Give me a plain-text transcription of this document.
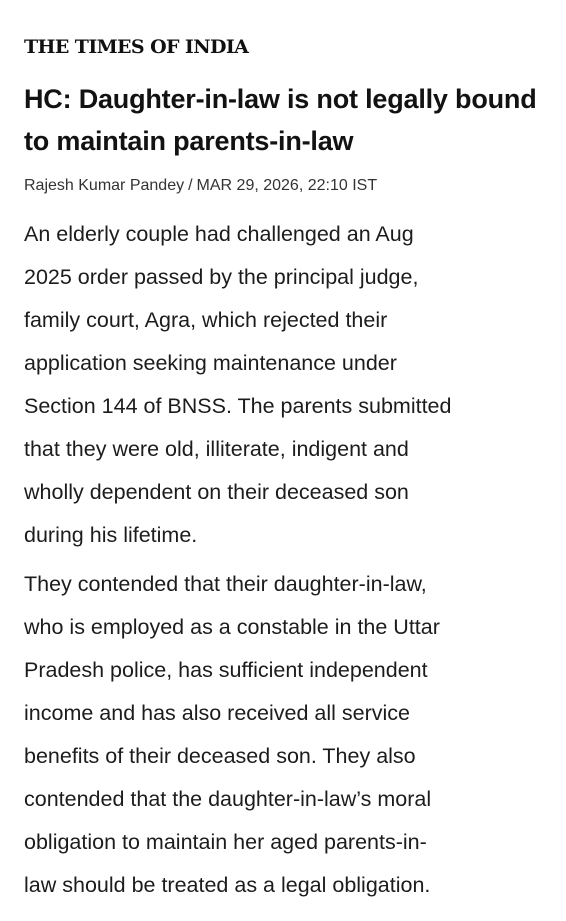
THE TIMES OF INDIA
HC: Daughter-in-law is not legally bound to maintain parents-in-law
Rajesh Kumar Pandey / MAR 29, 2026, 22:10 IST

An elderly couple had challenged an Aug
2025 order passed by the principal judge,
family court, Agra, which rejected their
application seeking maintenance under
Section 144 of BNSS. The parents submitted
that they were old, illiterate, indigent and
wholly dependent on their deceased son
during his lifetime.

They contended that their daughter-in-law,
who is employed as a constable in the Uttar
Pradesh police, has sufficient independent
income and has also received all service
benefits of their deceased son. They also
contended that the daughter-in-law’s moral
obligation to maintain her aged parents-in-
law should be treated as a legal obligation.
